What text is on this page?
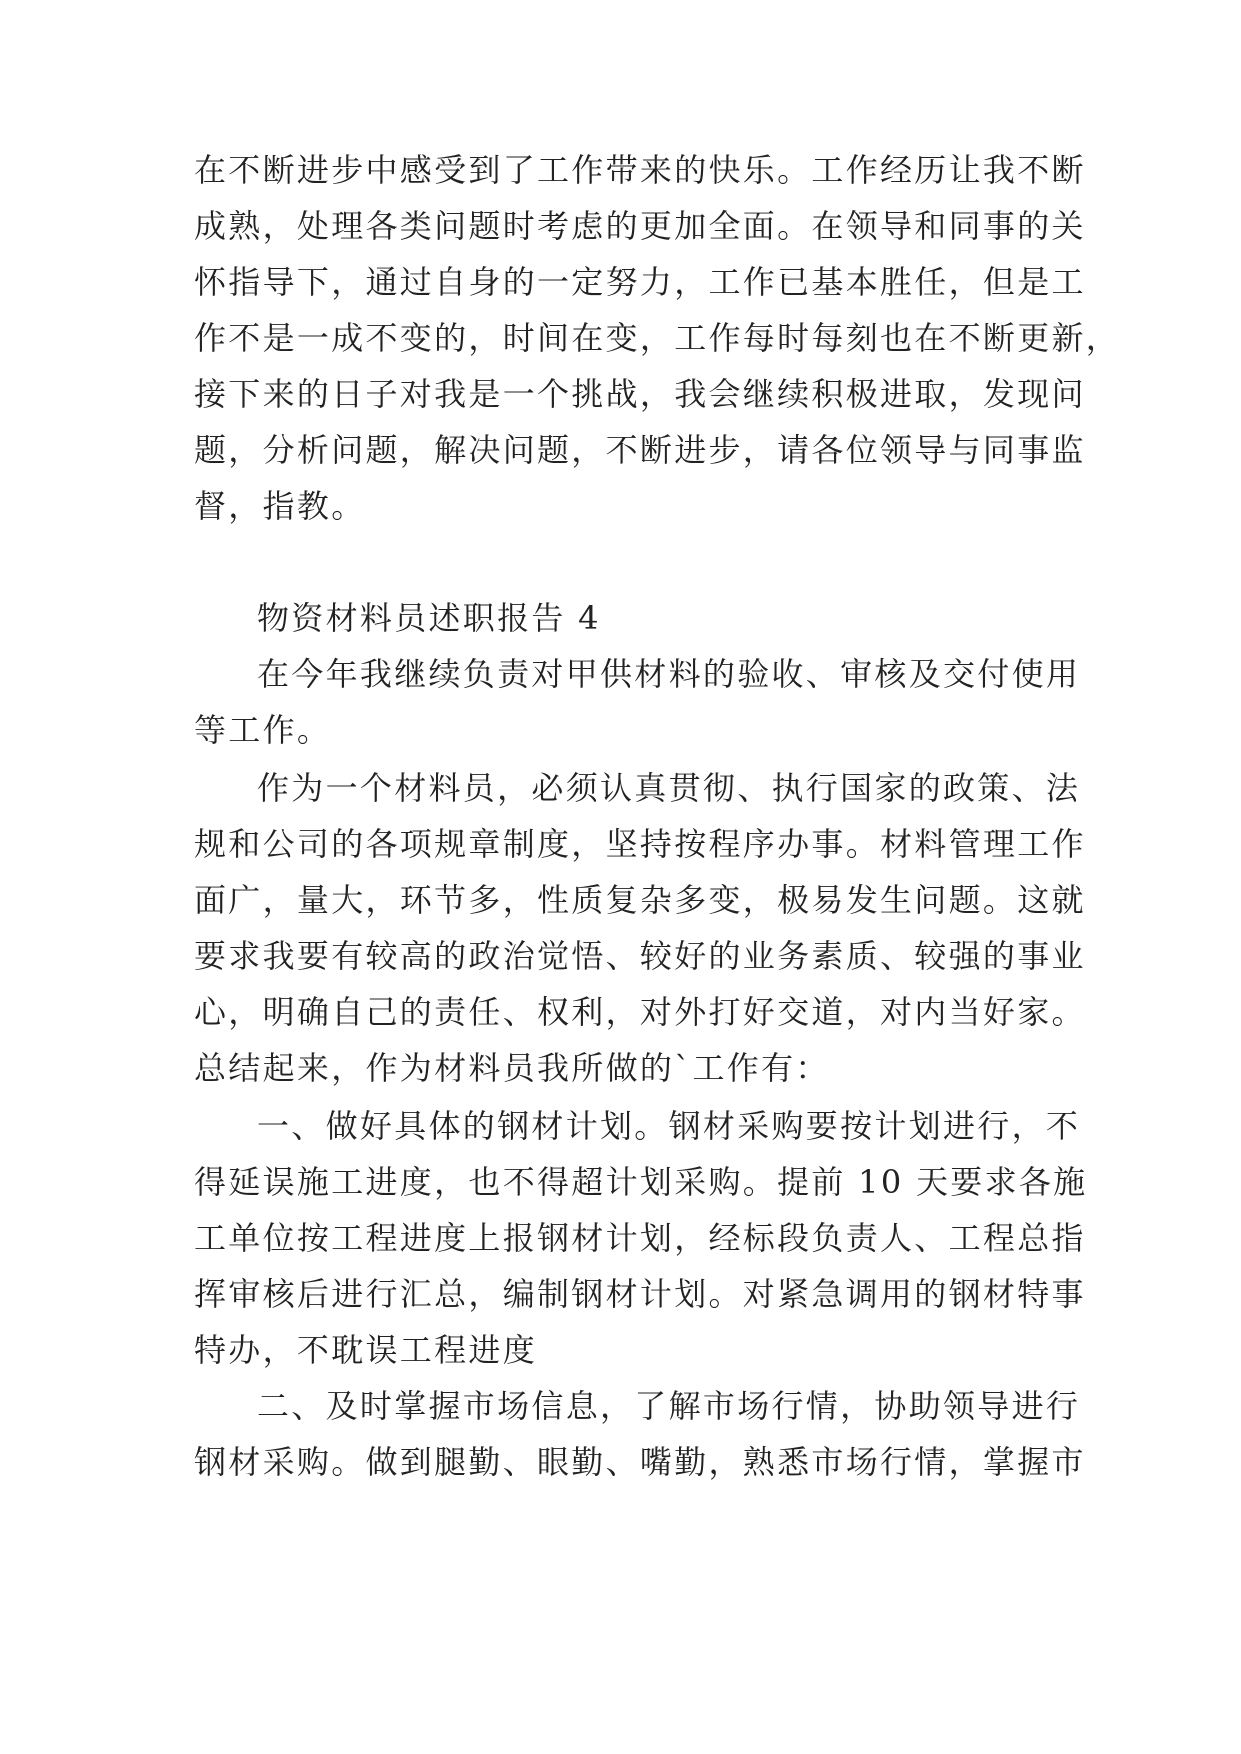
在不断进步中感受到了工作带来的快乐。工作经历让我不断
成熟，处理各类问题时考虑的更加全面。在领导和同事的关
怀指导下，通过自身的一定努力，工作已基本胜任，但是工
作不是一成不变的，时间在变，工作每时每刻也在不断更新，
接下来的日子对我是一个挑战，我会继续积极进取，发现问
题，分析问题，解决问题，不断进步，请各位领导与同事监
督，指教。
物资材料员述职报告 4
在今年我继续负责对甲供材料的验收、审核及交付使用
等工作。
作为一个材料员，必须认真贯彻、执行国家的政策、法
规和公司的各项规章制度，坚持按程序办事。材料管理工作
面广，量大，环节多，性质复杂多变，极易发生问题。这就
要求我要有较高的政治觉悟、较好的业务素质、较强的事业
心，明确自己的责任、权利，对外打好交道，对内当好家。
总结起来，作为材料员我所做的`工作有：
一、做好具体的钢材计划。钢材采购要按计划进行，不
得延误施工进度，也不得超计划采购。提前 10 天要求各施
工单位按工程进度上报钢材计划，经标段负责人、工程总指
挥审核后进行汇总，编制钢材计划。对紧急调用的钢材特事
特办，不耽误工程进度
二、及时掌握市场信息，了解市场行情，协助领导进行
钢材采购。做到腿勤、眼勤、嘴勤，熟悉市场行情，掌握市
